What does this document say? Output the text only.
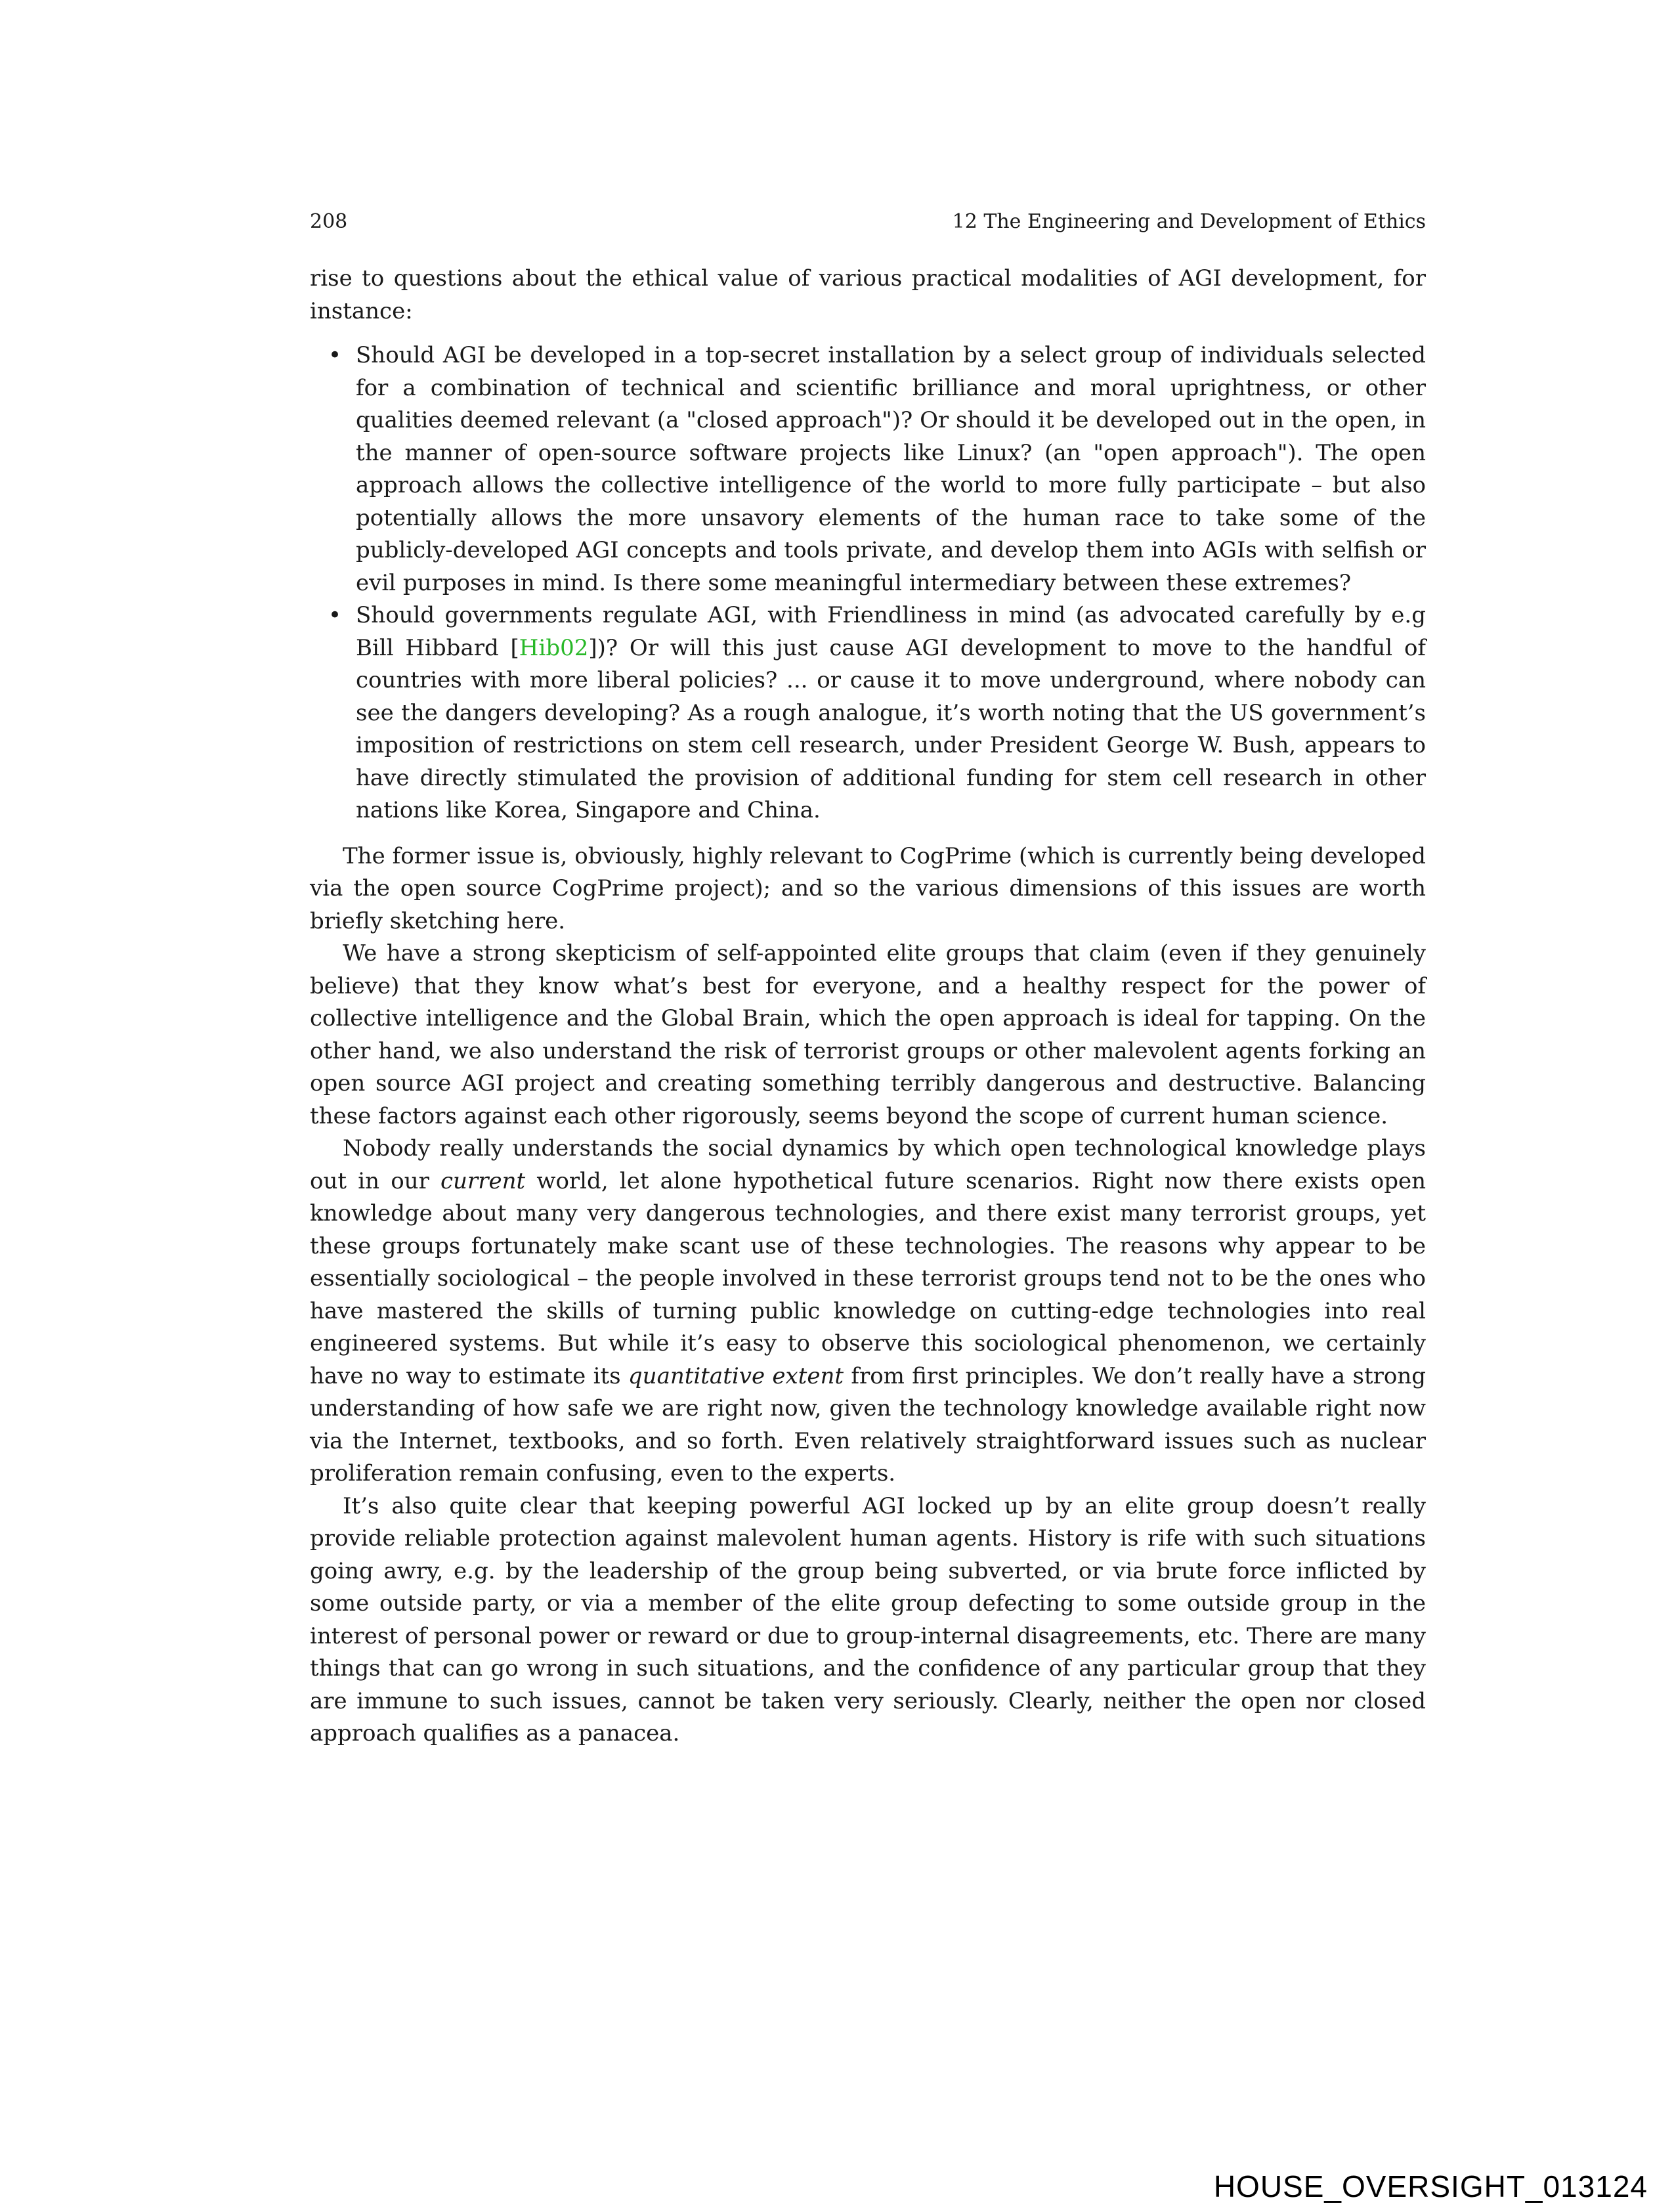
208	12 The Engineering and Development of Ethics

rise to questions about the ethical value of various practical modalities of AGI development, for instance:

• Should AGI be developed in a top-secret installation by a select group of individuals selected for a combination of technical and scientific brilliance and moral uprightness, or other qualities deemed relevant (a "closed approach")? Or should it be developed out in the open, in the manner of open-source software projects like Linux? (an "open approach"). The open approach allows the collective intelligence of the world to more fully participate – but also potentially allows the more unsavory elements of the human race to take some of the publicly-developed AGI concepts and tools private, and develop them into AGIs with selfish or evil purposes in mind. Is there some meaningful intermediary between these extremes?
• Should governments regulate AGI, with Friendliness in mind (as advocated carefully by e.g Bill Hibbard [Hib02])? Or will this just cause AGI development to move to the handful of countries with more liberal policies? ... or cause it to move underground, where nobody can see the dangers developing? As a rough analogue, it’s worth noting that the US government’s imposition of restrictions on stem cell research, under President George W. Bush, appears to have directly stimulated the provision of additional funding for stem cell research in other nations like Korea, Singapore and China.

The former issue is, obviously, highly relevant to CogPrime (which is currently being developed via the open source CogPrime project); and so the various dimensions of this issues are worth briefly sketching here.

We have a strong skepticism of self-appointed elite groups that claim (even if they genuinely believe) that they know what’s best for everyone, and a healthy respect for the power of collective intelligence and the Global Brain, which the open approach is ideal for tapping. On the other hand, we also understand the risk of terrorist groups or other malevolent agents forking an open source AGI project and creating something terribly dangerous and destructive. Balancing these factors against each other rigorously, seems beyond the scope of current human science.

Nobody really understands the social dynamics by which open technological knowledge plays out in our current world, let alone hypothetical future scenarios. Right now there exists open knowledge about many very dangerous technologies, and there exist many terrorist groups, yet these groups fortunately make scant use of these technologies. The reasons why appear to be essentially sociological – the people involved in these terrorist groups tend not to be the ones who have mastered the skills of turning public knowledge on cutting-edge technologies into real engineered systems. But while it’s easy to observe this sociological phenomenon, we certainly have no way to estimate its quantitative extent from first principles. We don’t really have a strong understanding of how safe we are right now, given the technology knowledge available right now via the Internet, textbooks, and so forth. Even relatively straightforward issues such as nuclear proliferation remain confusing, even to the experts.

It’s also quite clear that keeping powerful AGI locked up by an elite group doesn’t really provide reliable protection against malevolent human agents. History is rife with such situations going awry, e.g. by the leadership of the group being subverted, or via brute force inflicted by some outside party, or via a member of the elite group defecting to some outside group in the interest of personal power or reward or due to group-internal disagreements, etc. There are many things that can go wrong in such situations, and the confidence of any particular group that they are immune to such issues, cannot be taken very seriously. Clearly, neither the open nor closed approach qualifies as a panacea.

HOUSE_OVERSIGHT_013124
